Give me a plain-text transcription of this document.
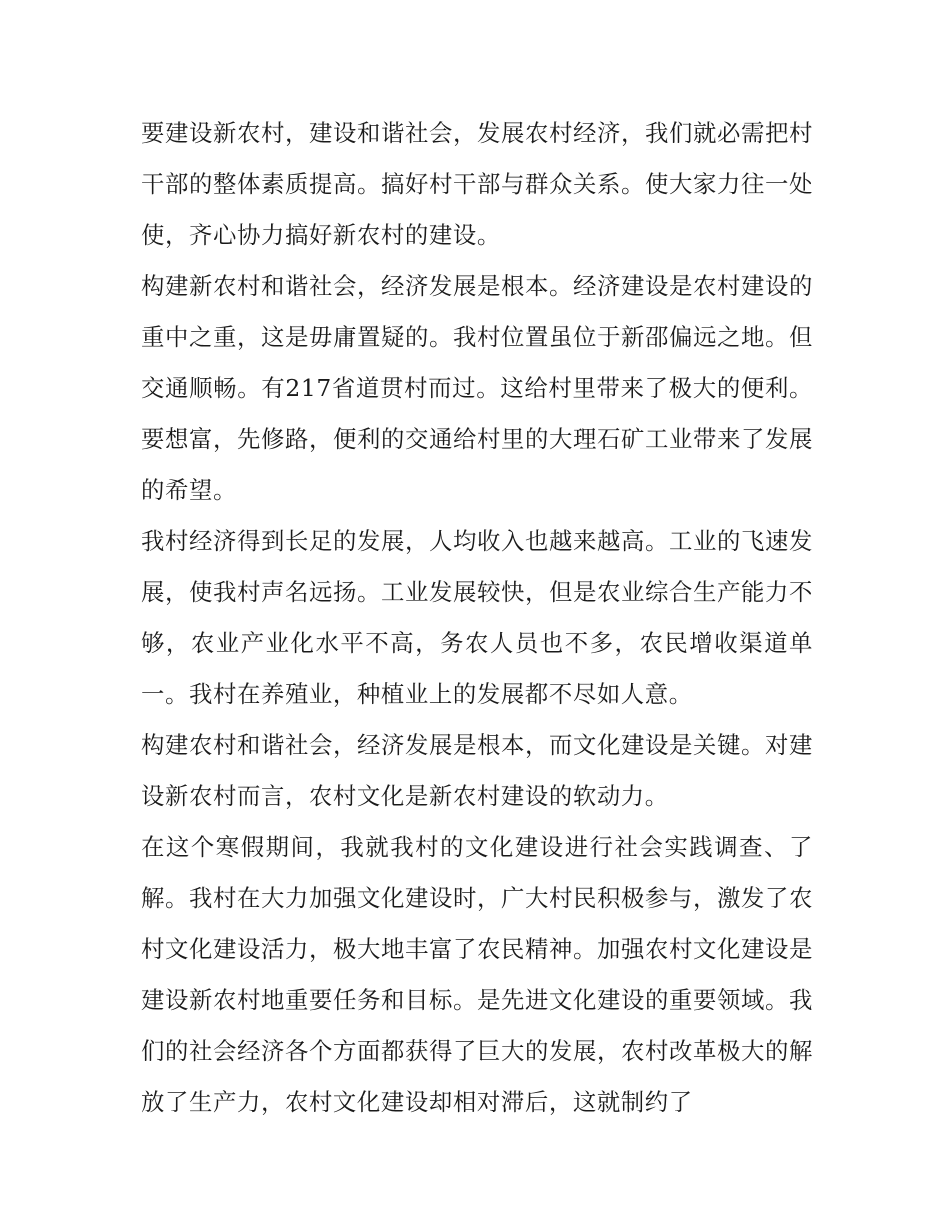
要建设新农村，建设和谐社会，发展农村经济，我们就必需把村干部的整体素质提高。搞好村干部与群众关系。使大家力往一处使，齐心协力搞好新农村的建设。

构建新农村和谐社会，经济发展是根本。经济建设是农村建设的重中之重，这是毋庸置疑的。我村位置虽位于新邵偏远之地。但交通顺畅。有217省道贯村而过。这给村里带来了极大的便利。要想富，先修路，便利的交通给村里的大理石矿工业带来了发展的希望。

我村经济得到长足的发展，人均收入也越来越高。工业的飞速发展，使我村声名远扬。工业发展较快，但是农业综合生产能力不够，农业产业化水平不高，务农人员也不多，农民增收渠道单一。我村在养殖业，种植业上的发展都不尽如人意。

构建农村和谐社会，经济发展是根本，而文化建设是关键。对建设新农村而言，农村文化是新农村建设的软动力。

在这个寒假期间，我就我村的文化建设进行社会实践调查、了解。我村在大力加强文化建设时，广大村民积极参与，激发了农村文化建设活力，极大地丰富了农民精神。加强农村文化建设是建设新农村地重要任务和目标。是先进文化建设的重要领域。我们的社会经济各个方面都获得了巨大的发展，农村改革极大的解放了生产力，农村文化建设却相对滞后，这就制约了
